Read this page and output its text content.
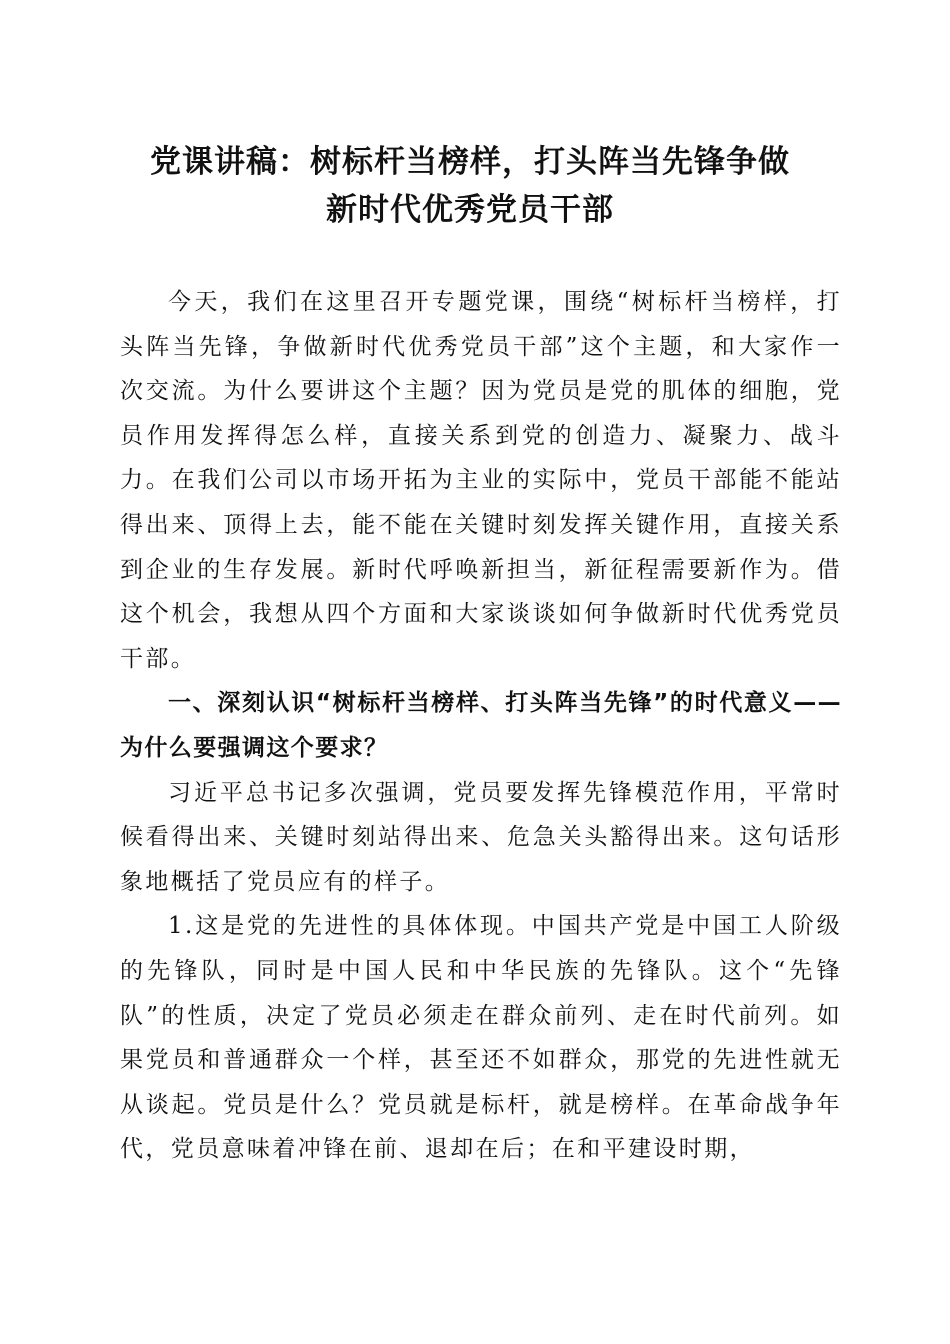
党课讲稿：树标杆当榜样，打头阵当先锋争做
新时代优秀党员干部

今天，我们在这里召开专题党课，围绕“树标杆当榜样，打头阵当先锋，争做新时代优秀党员干部”这个主题，和大家作一次交流。为什么要讲这个主题？因为党员是党的肌体的细胞，党员作用发挥得怎么样，直接关系到党的创造力、凝聚力、战斗力。在我们公司以市场开拓为主业的实际中，党员干部能不能站得出来、顶得上去，能不能在关键时刻发挥关键作用，直接关系到企业的生存发展。新时代呼唤新担当，新征程需要新作为。借这个机会，我想从四个方面和大家谈谈如何争做新时代优秀党员干部。

一、深刻认识“树标杆当榜样、打头阵当先锋”的时代意义——为什么要强调这个要求？

习近平总书记多次强调，党员要发挥先锋模范作用，平常时候看得出来、关键时刻站得出来、危急关头豁得出来。这句话形象地概括了党员应有的样子。

1.这是党的先进性的具体体现。中国共产党是中国工人阶级的先锋队，同时是中国人民和中华民族的先锋队。这个“先锋队”的性质，决定了党员必须走在群众前列、走在时代前列。如果党员和普通群众一个样，甚至还不如群众，那党的先进性就无从谈起。党员是什么？党员就是标杆，就是榜样。在革命战争年代，党员意味着冲锋在前、退却在后；在和平建设时期，
